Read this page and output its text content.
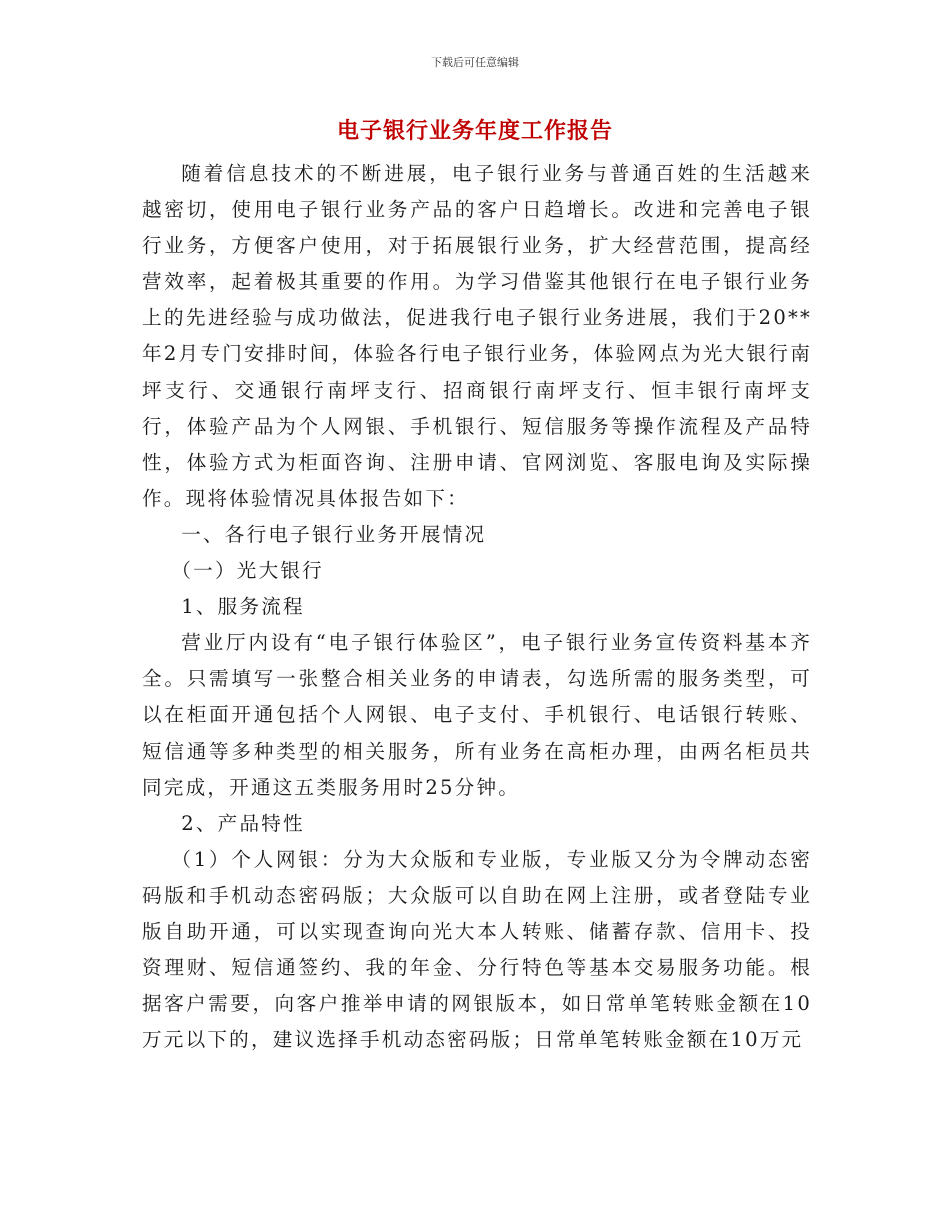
下载后可任意编辑
电子银行业务年度工作报告

随着信息技术的不断进展，电子银行业务与普通百姓的生活越来越密切，使用电子银行业务产品的客户日趋增长。改进和完善电子银行业务，方便客户使用，对于拓展银行业务，扩大经营范围，提高经营效率，起着极其重要的作用。为学习借鉴其他银行在电子银行业务上的先进经验与成功做法，促进我行电子银行业务进展，我们于20**年2月专门安排时间，体验各行电子银行业务，体验网点为光大银行南坪支行、交通银行南坪支行、招商银行南坪支行、恒丰银行南坪支行，体验产品为个人网银、手机银行、短信服务等操作流程及产品特性，体验方式为柜面咨询、注册申请、官网浏览、客服电询及实际操作。现将体验情况具体报告如下：

一、各行电子银行业务开展情况

（一）光大银行

1、服务流程

营业厅内设有“电子银行体验区”，电子银行业务宣传资料基本齐全。只需填写一张整合相关业务的申请表，勾选所需的服务类型，可以在柜面开通包括个人网银、电子支付、手机银行、电话银行转账、短信通等多种类型的相关服务，所有业务在高柜办理，由两名柜员共同完成，开通这五类服务用时25分钟。

2、产品特性

（1）个人网银：分为大众版和专业版，专业版又分为令牌动态密码版和手机动态密码版；大众版可以自助在网上注册，或者登陆专业版自助开通，可以实现查询向光大本人转账、储蓄存款、信用卡、投资理财、短信通签约、我的年金、分行特色等基本交易服务功能。根据客户需要，向客户推举申请的网银版本，如日常单笔转账金额在10万元以下的，建议选择手机动态密码版；日常单笔转账金额在10万元
